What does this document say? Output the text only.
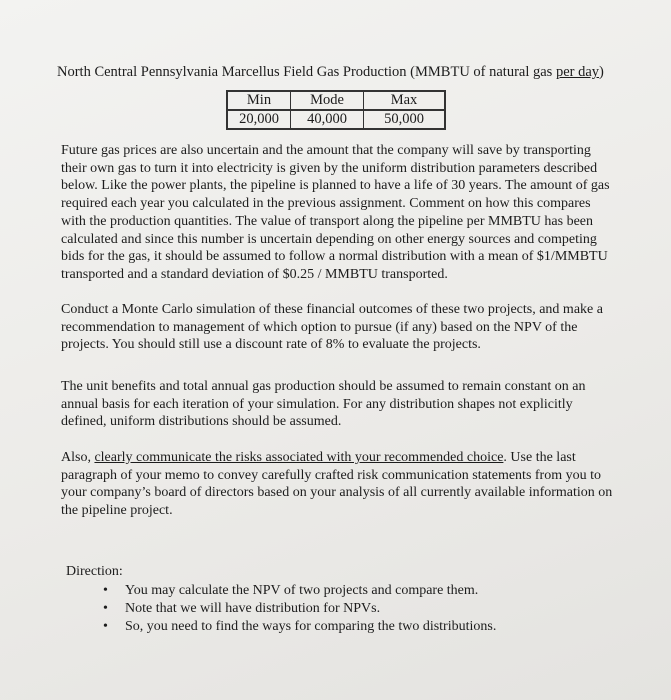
North Central Pennsylvania Marcellus Field Gas Production (MMBTU of natural gas per day)
Min	Mode	Max
20,000	40,000	50,000

Future gas prices are also uncertain and the amount that the company will save by transporting their own gas to turn it into electricity is given by the uniform distribution parameters described below. Like the power plants, the pipeline is planned to have a life of 30 years. The amount of gas required each year you calculated in the previous assignment. Comment on how this compares with the production quantities. The value of transport along the pipeline per MMBTU has been calculated and since this number is uncertain depending on other energy sources and competing bids for the gas, it should be assumed to follow a normal distribution with a mean of $1/MMBTU transported and a standard deviation of $0.25 / MMBTU transported.

Conduct a Monte Carlo simulation of these financial outcomes of these two projects, and make a recommendation to management of which option to pursue (if any) based on the NPV of the projects. You should still use a discount rate of 8% to evaluate the projects.

The unit benefits and total annual gas production should be assumed to remain constant on an annual basis for each iteration of your simulation. For any distribution shapes not explicitly defined, uniform distributions should be assumed.

Also, clearly communicate the risks associated with your recommended choice. Use the last paragraph of your memo to convey carefully crafted risk communication statements from you to your company’s board of directors based on your analysis of all currently available information on the pipeline project.

Direction:
• You may calculate the NPV of two projects and compare them.
• Note that we will have distribution for NPVs.
• So, you need to find the ways for comparing the two distributions.
